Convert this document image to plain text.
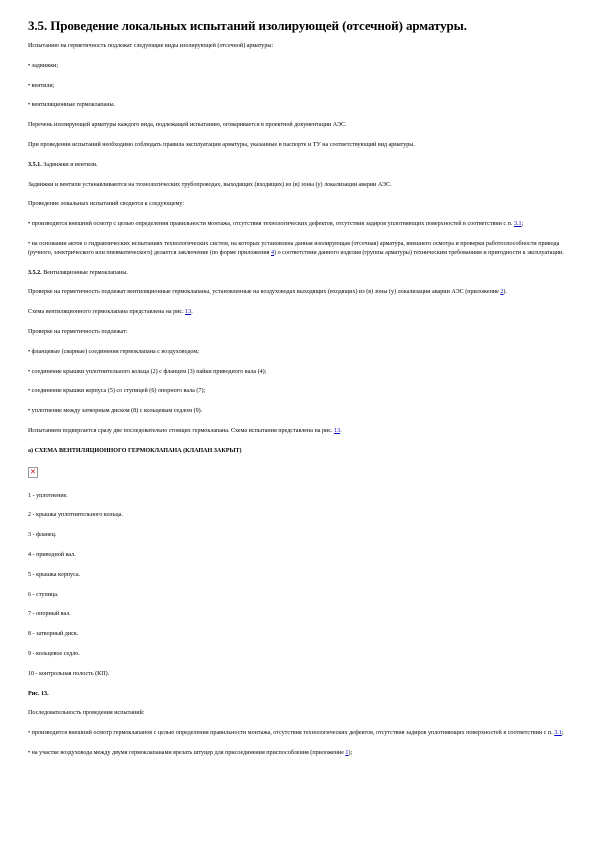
3.5. Проведение локальных испытаний изолирующей (отсечной) арматуры.

Испытанию на герметичность подлежат следующие виды изолирующей (отсечной) арматуры:

• задвижки;

• вентили;

• вентиляционные гермоклапаны.

Перечень изолирующей арматуры каждого вида, подлежащей испытанию, оговаривается в проектной документации АЭС.

При проведении испытаний необходимо соблюдать правила эксплуатации арматуры, указанные в паспорте и ТУ на соответствующий вид арматуры.

3.5.1. Задвижки и вентили.

Задвижки и вентили устанавливаются на технологических трубопроводах, выходящих (входящих) из (в) зоны (у) локализации аварии АЭС.

Проведение локальных испытаний сводится к следующему:

• производится внешний осмотр с целью определения правильности монтажа, отсутствия технологических дефектов, отсутствия задиров уплотняющих поверхностей в соответствии с п. 3.1;

• на основании актов о гидравлических испытаниях технологических систем, на которых установлена данная изолирующая (отсечная) арматура, внешнего осмотра и проверки работоспособности привода (ручного, электрического или пневматического) делается заключение (по форме приложения 4) о соответствии данного изделия (группы арматуры) техническим требованиям и пригодности к эксплуатации.

3.5.2. Вентиляционные гермоклапаны.

Проверке на герметичность подлежат вентиляционные гермоклапаны, установленные на воздуховодах выходящих (входящих) из (в) зоны (у) локализации аварии АЭС (приложение 2).

Схема вентиляционного гермоклапана представлена на рис. 13.

Проверке на герметичность подлежат:

• фланцевые (сварные) соединения гермоклапана с воздуховодом;

• соединение крышки уплотнительного кольца (2) с фланцем (3) пайки приводного вала (4);

• соединение крышки корпуса (5) со ступицей (6) опорного вала (7);

• уплотнение между затворным диском (8) с кольцевым седлом (9).

Испытанием подвергается сразу две последовательно стоящих гермоклапана. Схема испытания представлена на рис. 13.

а) СХЕМА ВЕНТИЛЯЦИОННОГО ГЕРМОКЛАПАНА (КЛАПАН ЗАКРЫТ)

✕

1 - уплотнение.

2 - крышка уплотнительного кольца.

3 - фланец.

4 - приводной вал.

5 - крышка корпуса.

6 - ступица.

7 - опорный вал.

8 - затворный диск.

9 - кольцевое седло.

10 - контрольная полость (КП).

Рис. 13.

Последовательность проведения испытаний:

• производится внешний осмотр гермоклапанов с целью определения правильности монтажа, отсутствия технологических дефектов, отсутствия задиров уплотняющих поверхностей в соответствии с п. 3.1;

• на участке воздуховода между двумя гермоклапанами врезать штуцер для присоединения приспособления (приложение 1);
